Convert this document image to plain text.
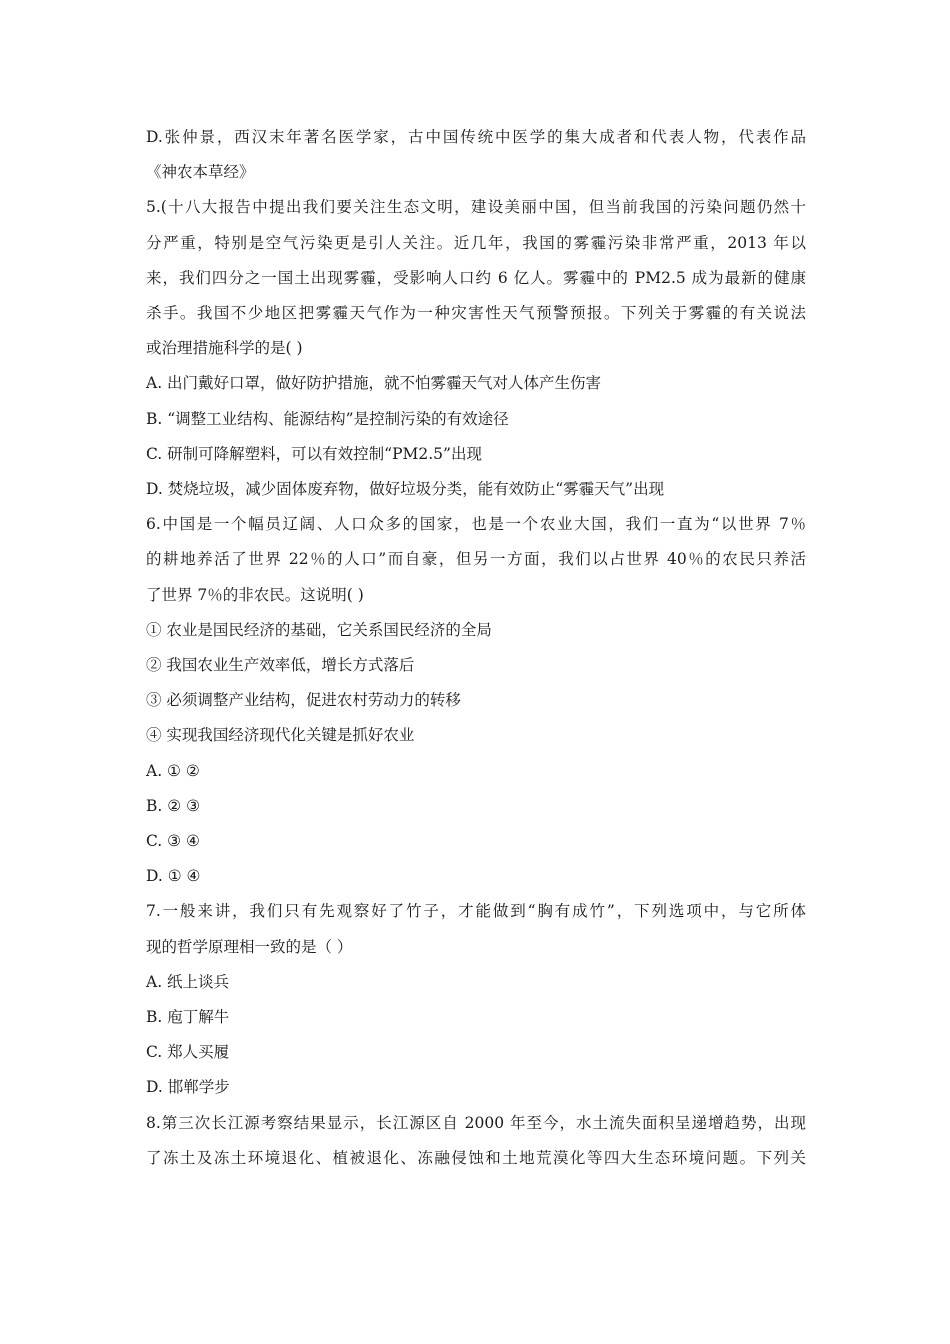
D.张仲景，西汉末年著名医学家，古中国传统中医学的集大成者和代表人物，代表作品

《神农本草经》

5.(十八大报告中提出我们要关注生态文明，建设美丽中国，但当前我国的污染问题仍然十

分严重，特别是空气污染更是引人关注。近几年，我国的雾霾污染非常严重，2013 年以

来，我们四分之一国土出现雾霾，受影响人口约 6 亿人。雾霾中的 PM2.5 成为最新的健康

杀手。我国不少地区把雾霾天气作为一种灾害性天气预警预报。下列关于雾霾的有关说法

或治理措施科学的是( )

A. 出门戴好口罩，做好防护措施，就不怕雾霾天气对人体产生伤害

B. “调整工业结构、能源结构”是控制污染的有效途径

C. 研制可降解塑料，可以有效控制“PM2.5”出现

D. 焚烧垃圾，减少固体废弃物，做好垃圾分类，能有效防止“雾霾天气”出现

6.中国是一个幅员辽阔、人口众多的国家，也是一个农业大国，我们一直为“以世界 7％

的耕地养活了世界 22％的人口”而自豪，但另一方面，我们以占世界 40％的农民只养活

了世界 7％的非农民。这说明( )

① 农业是国民经济的基础，它关系国民经济的全局

② 我国农业生产效率低，增长方式落后

③ 必须调整产业结构，促进农村劳动力的转移

④ 实现我国经济现代化关键是抓好农业

A. ① ②

B. ② ③

C. ③ ④

D. ① ④

7.一般来讲，我们只有先观察好了竹子，才能做到“胸有成竹”，下列选项中，与它所体

现的哲学原理相一致的是（ ）

A. 纸上谈兵

B. 庖丁解牛

C. 郑人买履

D. 邯郸学步

8.第三次长江源考察结果显示，长江源区自 2000 年至今，水土流失面积呈递增趋势，出现

了冻土及冻土环境退化、植被退化、冻融侵蚀和土地荒漠化等四大生态环境问题。下列关
